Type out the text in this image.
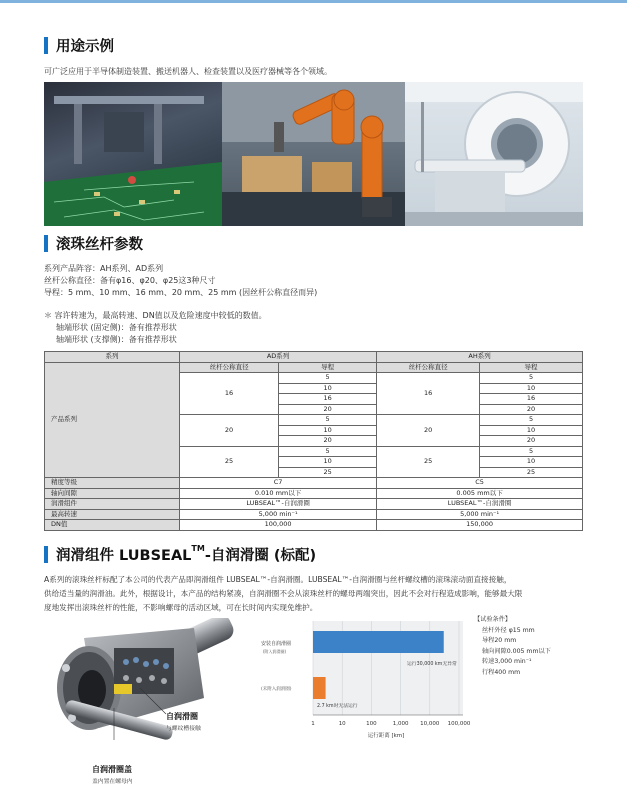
用途示例
可广泛应用于半导体制造装置、搬送机器人、检查装置以及医疗器械等各个领域。
滚珠丝杆参数
系列产品阵容：AH系列、AD系列
丝杆公称直径：备有φ16、φ20、φ25这3种尺寸
导程：5 mm、10 mm、16 mm、20 mm、25 mm (因丝杆公称直径而异)
＊ 容许转速为，最高转速、DN值以及危险速度中较低的数值。
轴端形状 (固定侧)：备有推荐形状
轴端形状 (支撑侧)：备有推荐形状
系列	AD系列		AH系列	
产品系列	丝杆公称直径	导程	丝杆公称直径	导程
	16	5	16	5
		10		10
		16		16
		20		20
	20	5	20	5
		10		10
		20		20
	25	5	25	5
		10		10
		25		25
精度等级	C7		C5	
轴向间隙	0.010 mm以下		0.005 mm以下	
润滑组件	LUBSEAL™-自润滑圈		LUBSEAL™-自润滑圈	
最高转速	5,000 min⁻¹		5,000 min⁻¹	
DN值	100,000		150,000	
润滑组件 LUBSEAL TM -自润滑圈 (标配)
A系列的滚珠丝杆标配了本公司的代表产品即润滑组件 LUBSEAL™-自润滑圈。LUBSEAL™-自润滑圈与丝杆螺纹槽的滚珠滚动面直接接触，
供给适当量的润滑油。此外，根据设计，本产品的结构紧凑，自润滑圈不会从滚珠丝杆的螺母两端突出，因此不会对行程造成影响，能够最大限
度地发挥出滚珠丝杆的性能，不影响螺母的活动区域，可在长时间内实现免维护。
自润滑圈
与螺纹槽接触
自润滑圈盖
盖内置在螺母内
1	10	100	1,000 10,000 100,000
安装自润滑圈
(附入润滑圈)
(未附入润滑圈)
运行30,000 km无异常
2.7 km时无法运行
运行距离 [km]
【试验条件】
丝杆外径 φ15 mm
导程20 mm
轴向间隙0.005 mm以下
转速3,000 min⁻¹
行程400 mm
